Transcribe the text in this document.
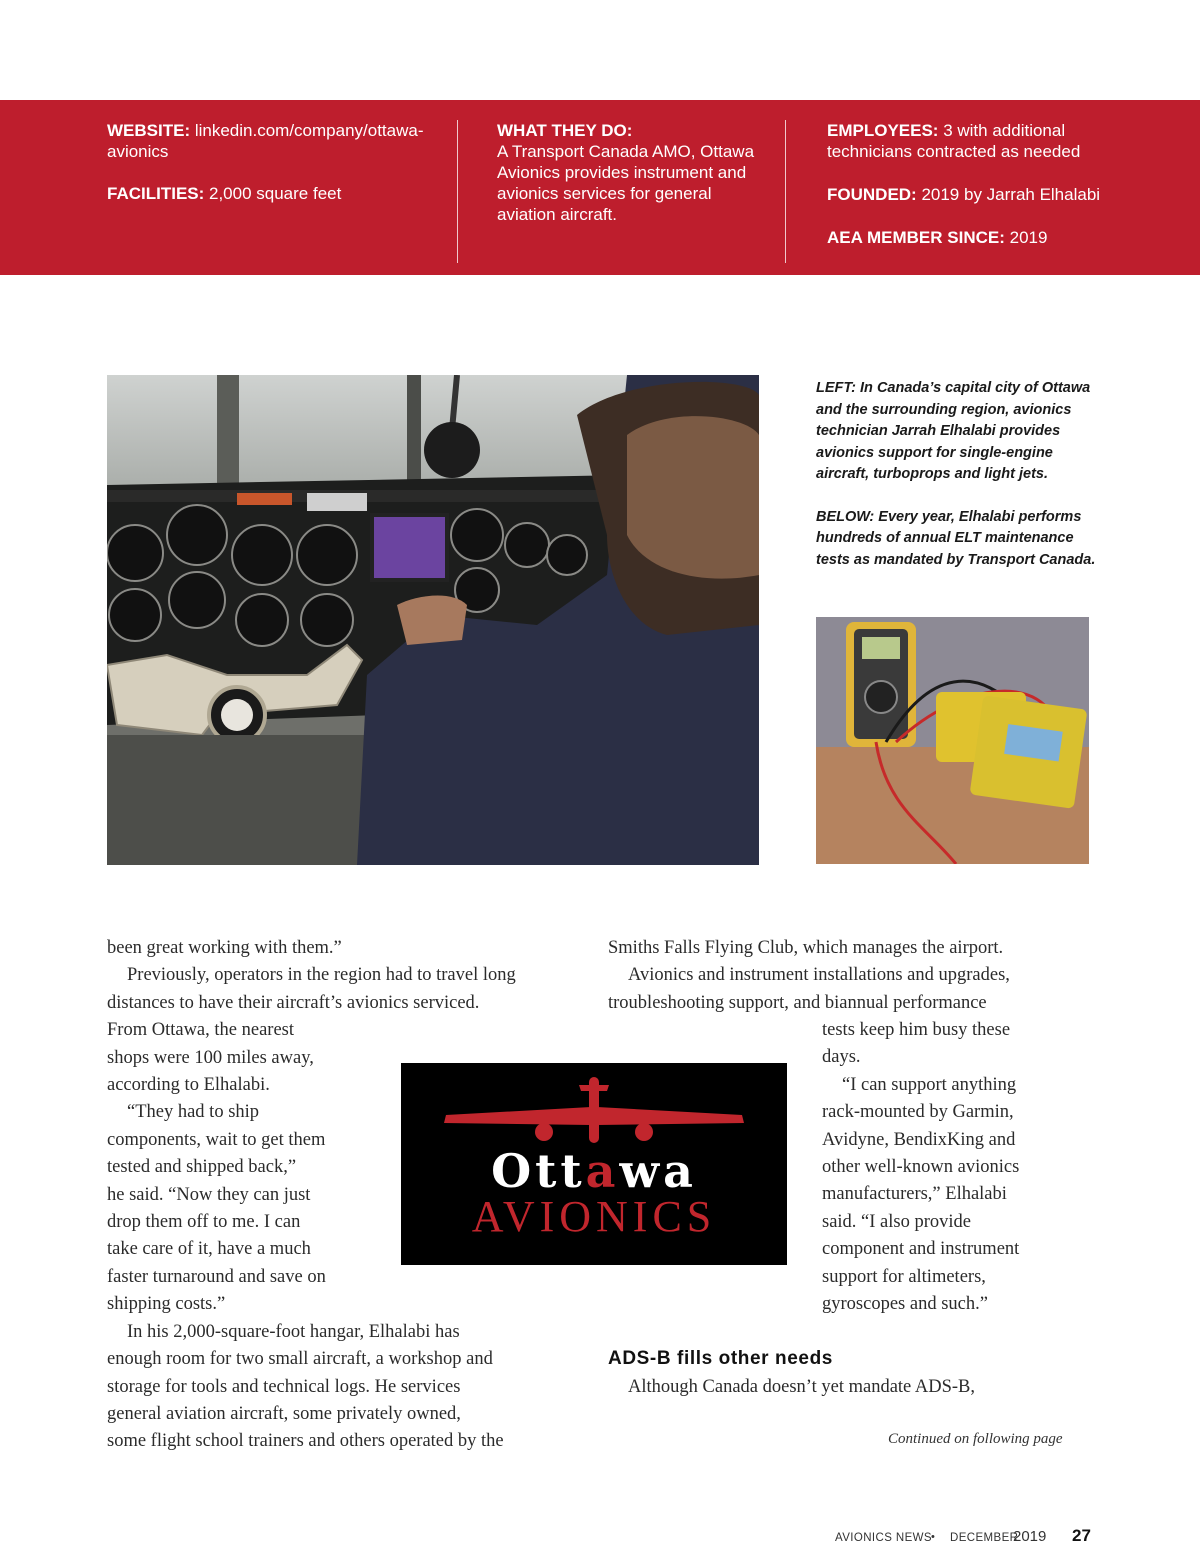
WEBSITE: linkedin.com/company/ottawa-avionics

FACILITIES: 2,000 square feet

WHAT THEY DO:

A Transport Canada AMO, Ottawa Avionics provides instrument and avionics services for general aviation aircraft.

EMPLOYEES: 3 with additional technicians contracted as needed

FOUNDED: 2019 by Jarrah Elhalabi

AEA MEMBER SINCE: 2019

LEFT: In Canada’s capital city of Ottawa and the surrounding region, avionics technician Jarrah Elhalabi provides avionics support for single-engine aircraft, turboprops and light jets.

BELOW: Every year, Elhalabi performs hundreds of annual ELT maintenance tests as mandated by Transport Canada.

been great working with them.”

Previously, operators in the region had to travel long

distances to have their aircraft’s avionics serviced.

From Ottawa, the nearest

shops were 100 miles away,

according to Elhalabi.

“They had to ship

components, wait to get them

tested and shipped back,”

he said. “Now they can just

drop them off to me. I can

take care of it, have a much

faster turnaround and save on

shipping costs.”

In his 2,000-square-foot hangar, Elhalabi has

enough room for two small aircraft, a workshop and

storage for tools and technical logs. He services

general aviation aircraft, some privately owned,

some flight school trainers and others operated by the

Smiths Falls Flying Club, which manages the airport.

Avionics and instrument installations and upgrades,

troubleshooting support, and biannual performance

tests keep him busy these

days.

“I can support anything

rack-mounted by Garmin,

Avidyne, BendixKing and

other well-known avionics

manufacturers,” Elhalabi

said. “I also provide

component and instrument

support for altimeters,

gyroscopes and such.”

Ottawa
AVIONICS
ADS-B fills other needs

Although Canada doesn’t yet mandate ADS-B,

Continued on following page
AVIONICS NEWS • DECEMBER
2019 27
